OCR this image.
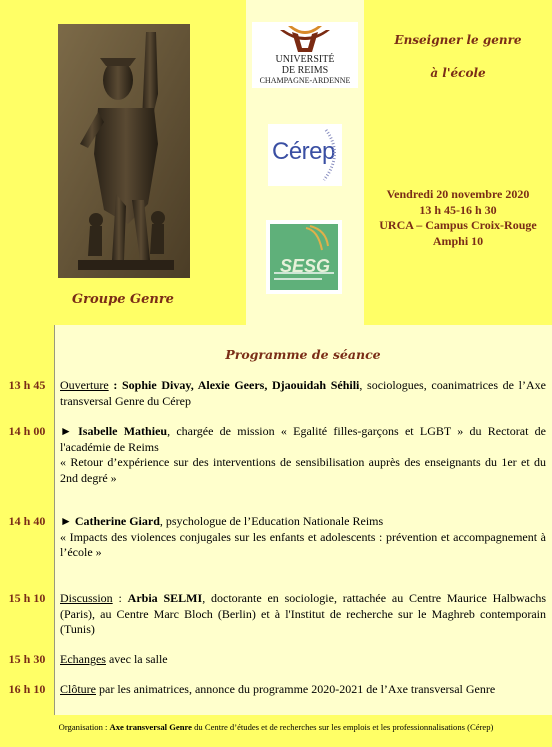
Groupe Genre
UNIVERSITÉ
DE REIMS
CHAMPAGNE-ARDENNE
Cérep
SESG
Enseigner le genre
à l'école
Vendredi 20 novembre 2020
13 h 45-16 h 30
URCA – Campus Croix-Rouge
Amphi 10
Programme de séance
13 h 45	Ouverture : Sophie Divay, Alexie Geers, Djaouidah Séhili, sociologues, coanimatrices de l’Axe transversal Genre du Cérep
14 h 00	► Isabelle Mathieu, chargée de mission « Egalité filles-garçons et LGBT » du Rectorat de l'académie de Reims
« Retour d’expérience sur des interventions de sensibilisation auprès des enseignants du 1er et du 2nd degré »
14 h 40	► Catherine Giard, psychologue de l’Education Nationale Reims
« Impacts des violences conjugales sur les enfants et adolescents : prévention et accompagnement à l’école »
15 h 10	Discussion : Arbia SELMI, doctorante en sociologie, rattachée au Centre Maurice Halbwachs (Paris), au Centre Marc Bloch (Berlin) et à l'Institut de recherche sur le Maghreb contemporain (Tunis)
15 h 30	Echanges avec la salle
16 h 10	Clôture par les animatrices, annonce du programme 2020-2021 de l’Axe transversal Genre
Organisation : Axe transversal Genre du Centre d’études et de recherches sur les emplois et les professionnalisations (Cérep)
